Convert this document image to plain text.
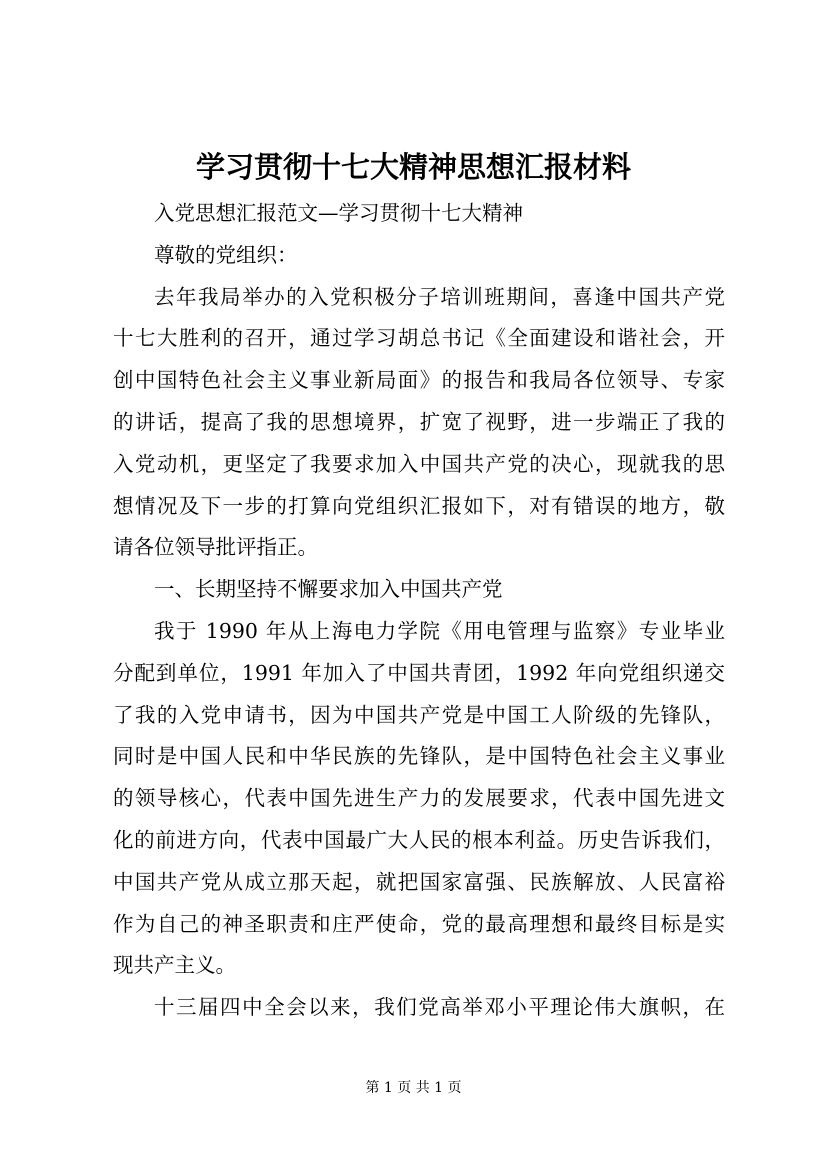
学习贯彻十七大精神思想汇报材料
入党思想汇报范文—学习贯彻十七大精神
尊敬的党组织：
去年我局举办的入党积极分子培训班期间，喜逢中国共产党
十七大胜利的召开，通过学习胡总书记《全面建设和谐社会，开
创中国特色社会主义事业新局面》的报告和我局各位领导、专家
的讲话，提高了我的思想境界，扩宽了视野，进一步端正了我的
入党动机，更坚定了我要求加入中国共产党的决心，现就我的思
想情况及下一步的打算向党组织汇报如下，对有错误的地方，敬
请各位领导批评指正。
一、长期坚持不懈要求加入中国共产党
我于 1990 年从上海电力学院《用电管理与监察》专业毕业
分配到单位，1991 年加入了中国共青团，1992 年向党组织递交
了我的入党申请书，因为中国共产党是中国工人阶级的先锋队，
同时是中国人民和中华民族的先锋队，是中国特色社会主义事业
的领导核心，代表中国先进生产力的发展要求，代表中国先进文
化的前进方向，代表中国最广大人民的根本利益。历史告诉我们，
中国共产党从成立那天起，就把国家富强、民族解放、人民富裕
作为自己的神圣职责和庄严使命，党的最高理想和最终目标是实
现共产主义。
十三届四中全会以来，我们党高举邓小平理论伟大旗帜，在
第 1 页 共 1 页
